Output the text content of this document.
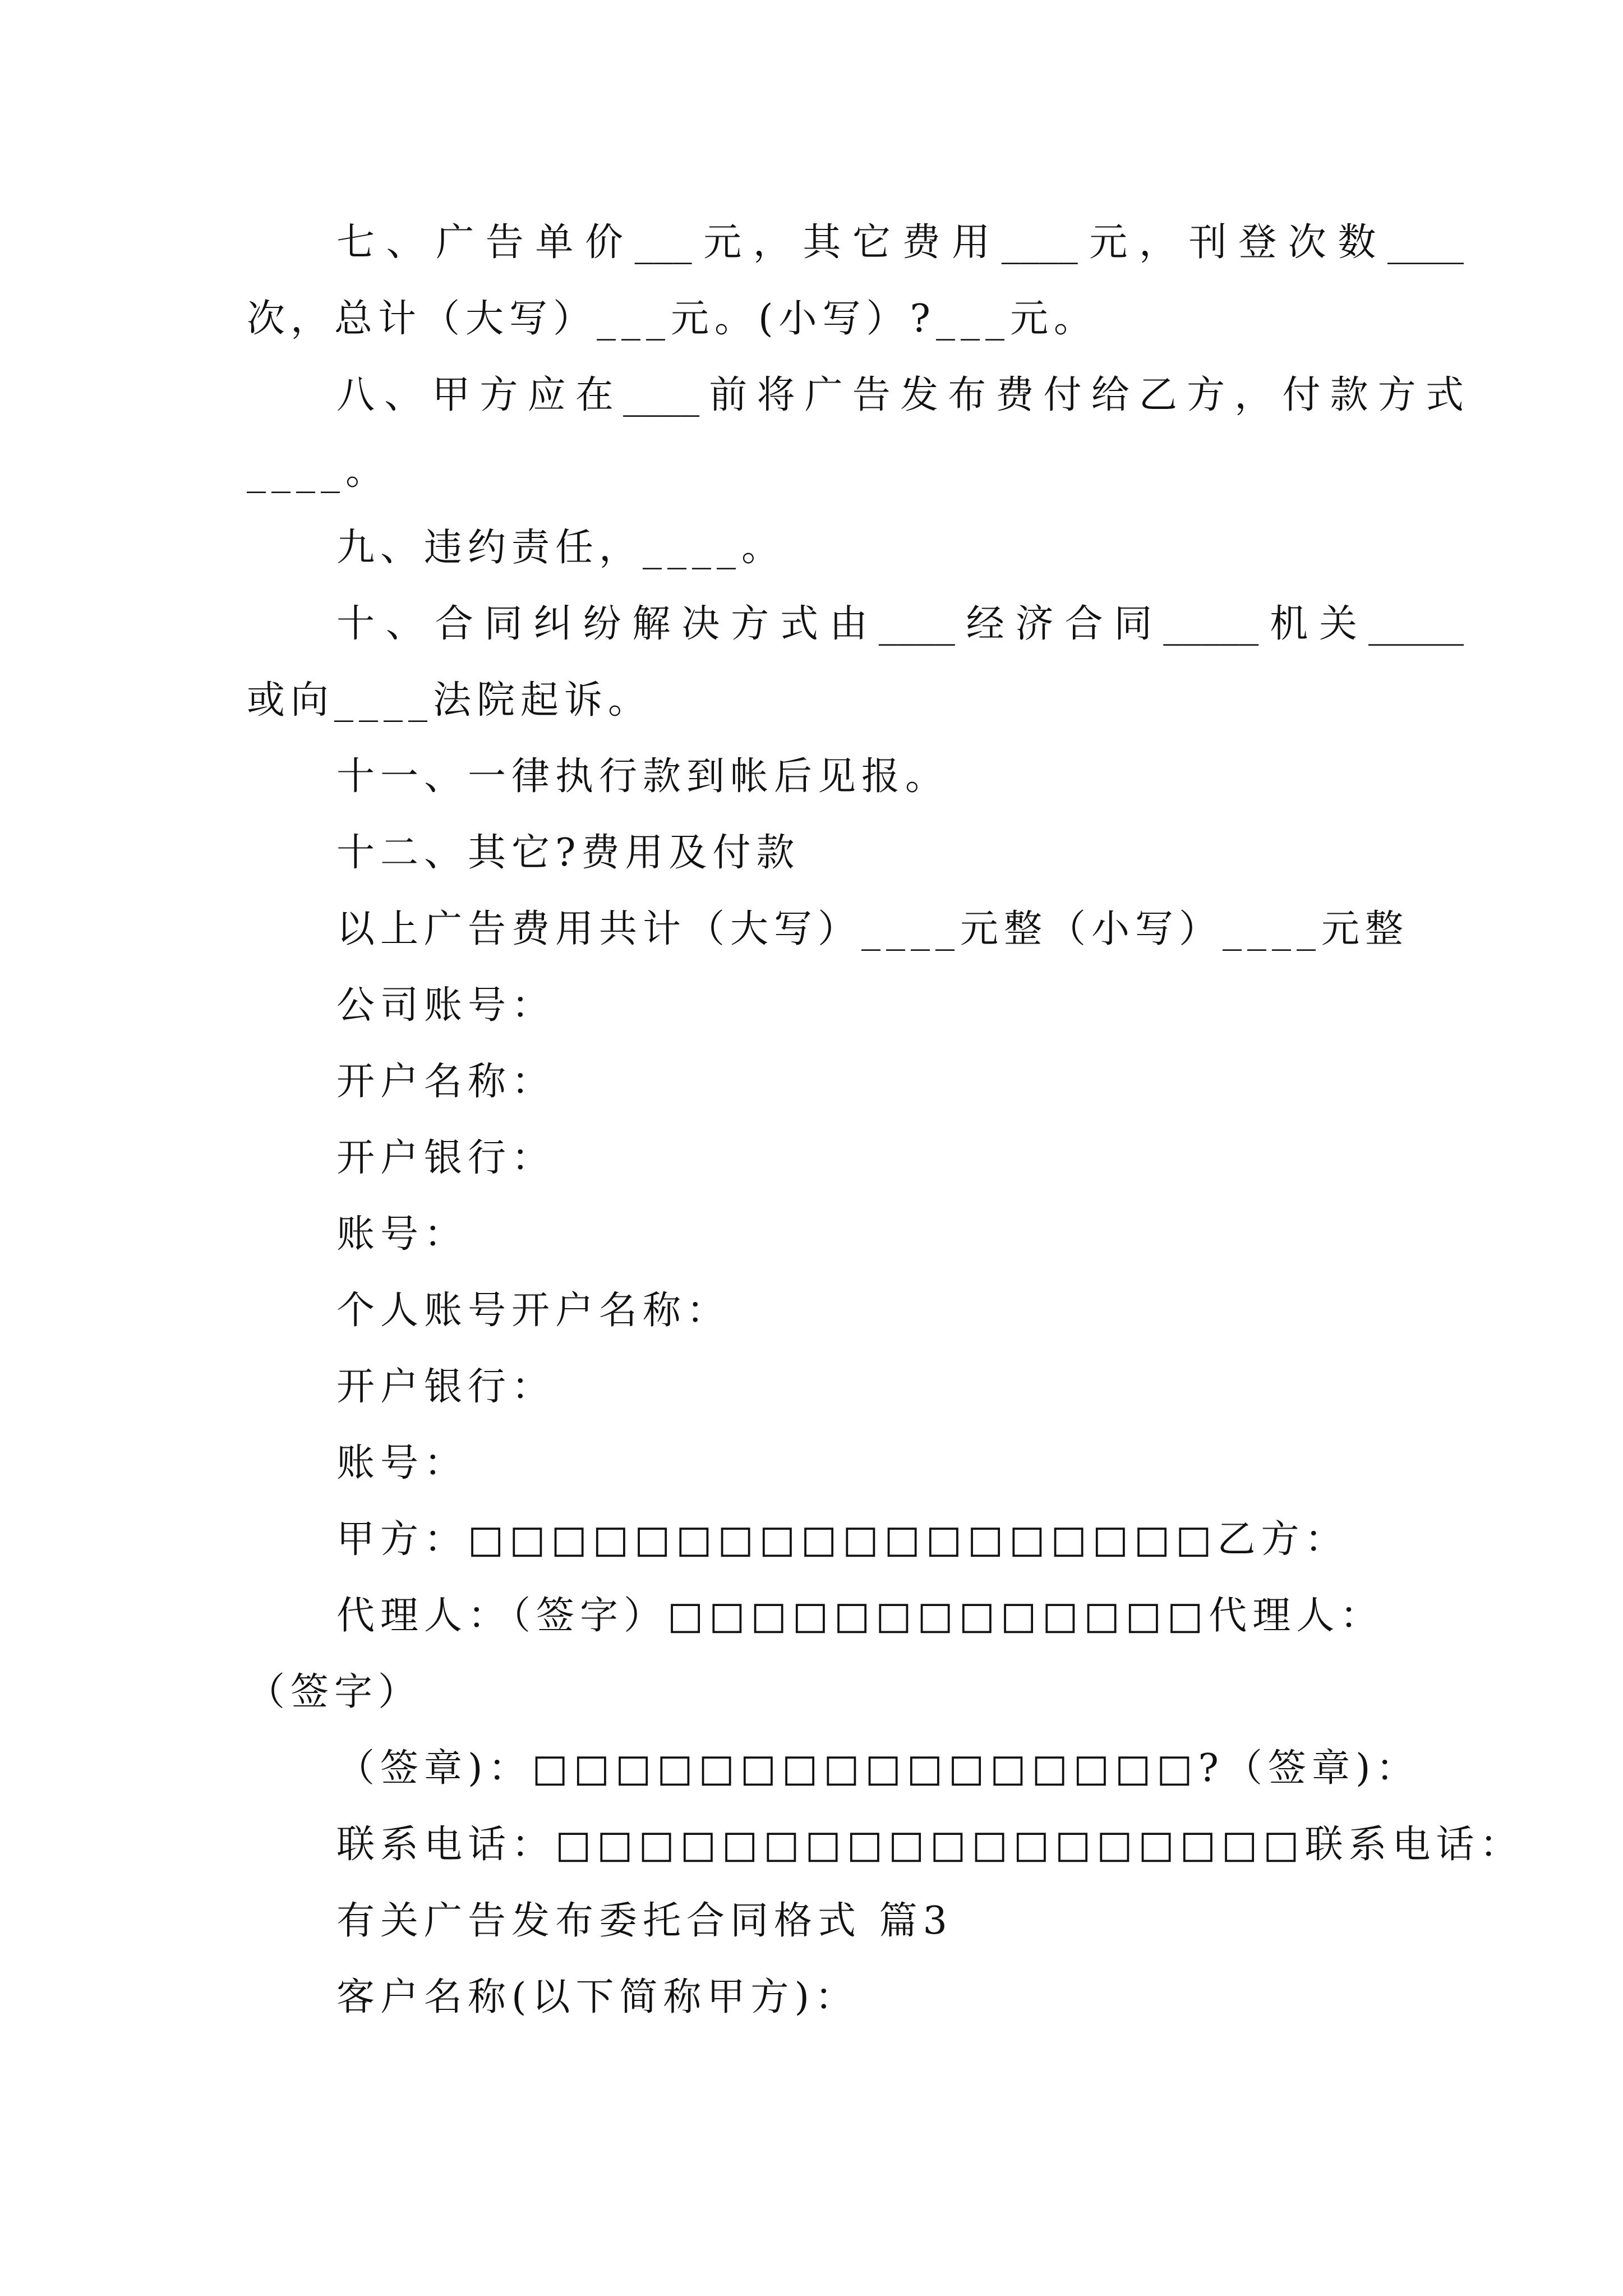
七、广告单价___元，其它费用____元，刊登次数____
次，总计（大写）___元。(小写）?___元。
八、甲方应在____前将广告发布费付给乙方，付款方式
____。
九、违约责任，____。
十、合同纠纷解决方式由____经济合同_____机关_____
或向____法院起诉。
十一、一律执行款到帐后见报。
十二、其它?费用及付款
以上广告费用共计（大写）____元整（小写）____元整
公司账号：
开户名称：
开户银行：
账号：
个人账号开户名称：
开户银行：
账号：
甲方：□□□□□□□□□□□□□□□□□□乙方：
代理人：（签字）□□□□□□□□□□□□□代理人：
（签字）
（签章)：□□□□□□□□□□□□□□□□?（签章)：
联系电话：□□□□□□□□□□□□□□□□□□联系电话：
有关广告发布委托合同格式 篇3
客户名称(以下简称甲方)：
